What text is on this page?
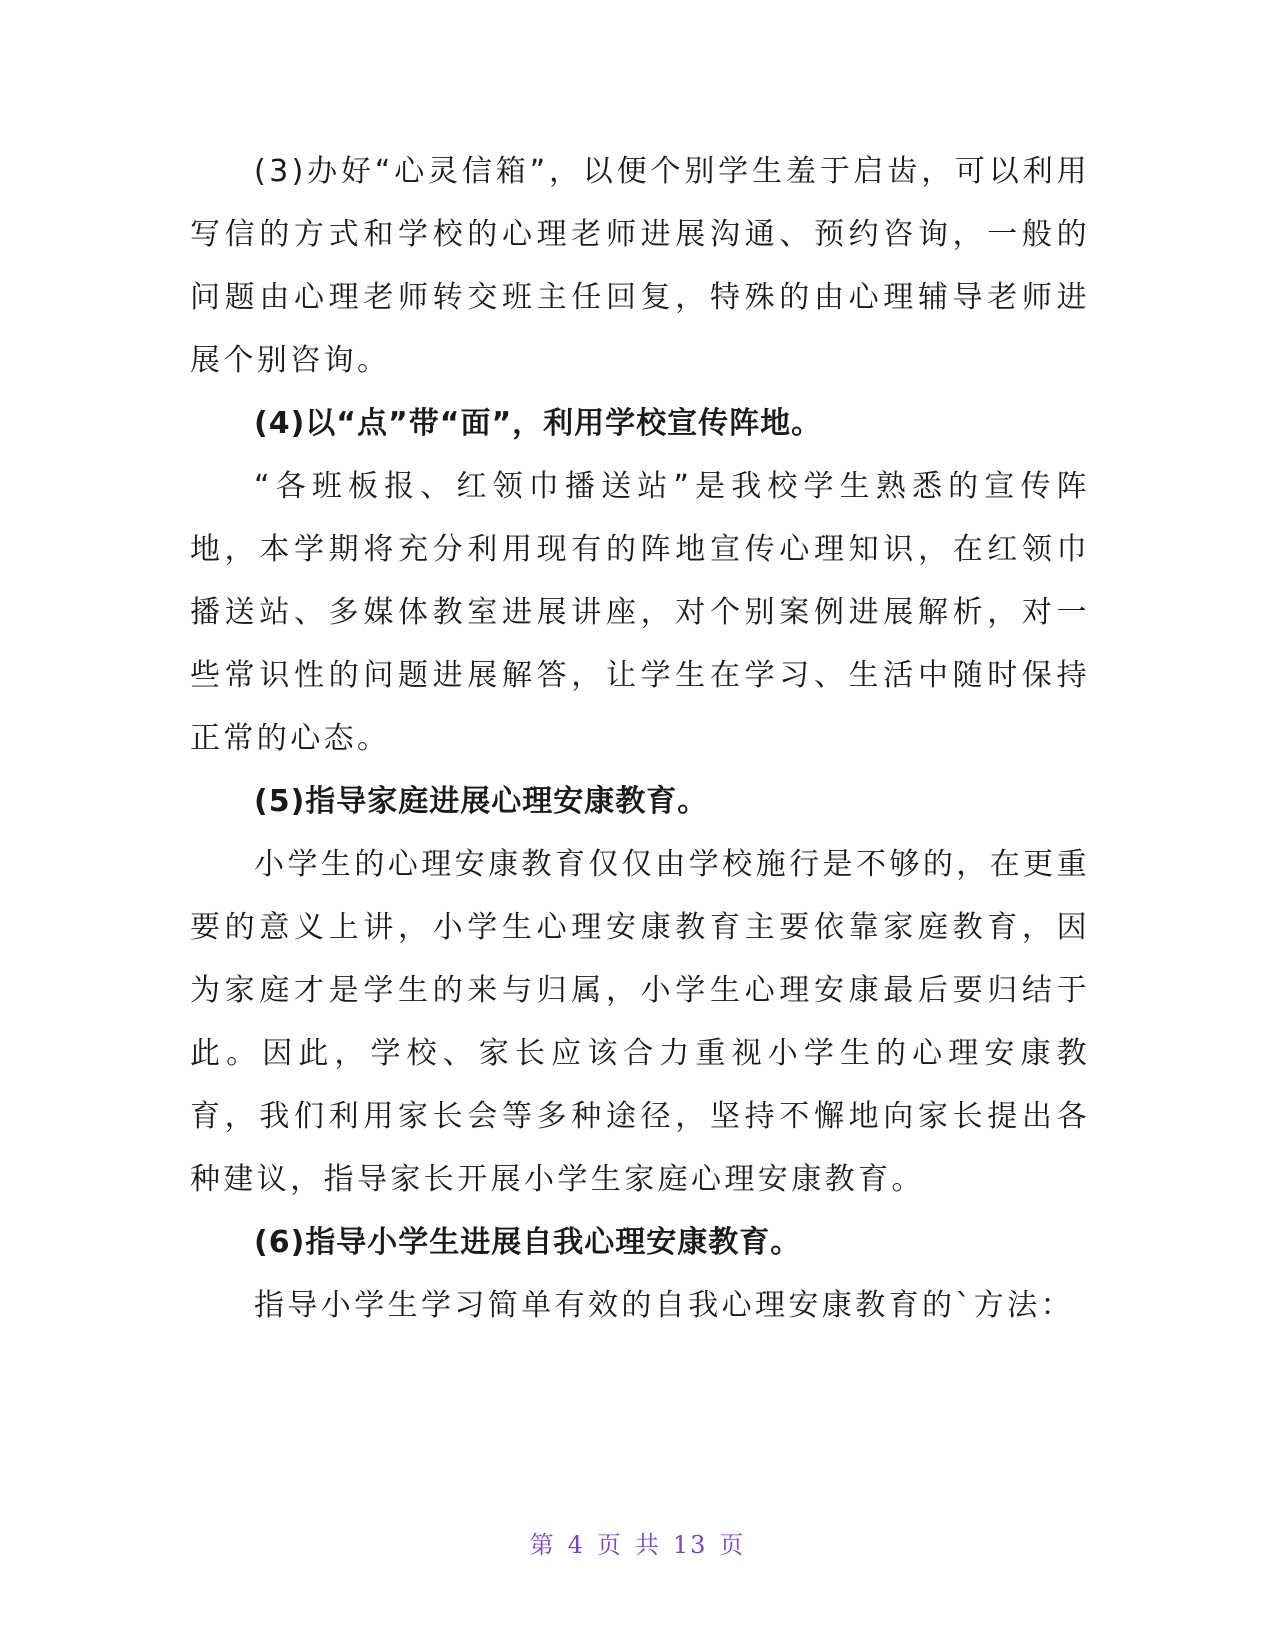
(3)办好“心灵信箱”，以便个别学生羞于启齿，可以利用写信的方式和学校的心理老师进展沟通、预约咨询，一般的问题由心理老师转交班主任回复，特殊的由心理辅导老师进展个别咨询。

(4)以“点”带“面”，利用学校宣传阵地。

“各班板报、红领巾播送站”是我校学生熟悉的宣传阵地，本学期将充分利用现有的阵地宣传心理知识，在红领巾播送站、多媒体教室进展讲座，对个别案例进展解析，对一些常识性的问题进展解答，让学生在学习、生活中随时保持正常的心态。

(5)指导家庭进展心理安康教育。

小学生的心理安康教育仅仅由学校施行是不够的，在更重要的意义上讲，小学生心理安康教育主要依靠家庭教育，因为家庭才是学生的来与归属，小学生心理安康最后要归结于此。因此，学校、家长应该合力重视小学生的心理安康教育，我们利用家长会等多种途径，坚持不懈地向家长提出各种建议，指导家长开展小学生家庭心理安康教育。

(6)指导小学生进展自我心理安康教育。

指导小学生学习简单有效的自我心理安康教育的`方法：

第 4 页 共 13 页
